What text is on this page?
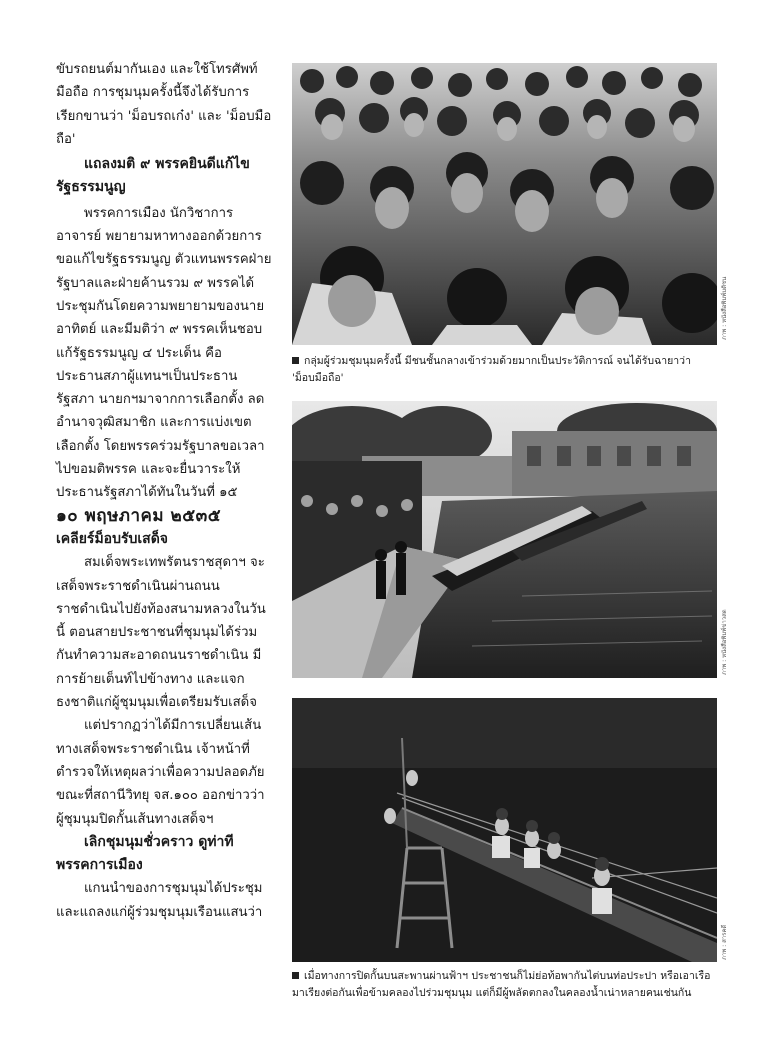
ขับรถยนต์มากันเอง และใช้โทรศัพท์มือถือ การชุมนุมครั้งนี้จึงได้รับการเรียกขานว่า 'ม็อบรถเก๋ง' และ 'ม็อบมือถือ'

แถลงมติ ๙ พรรคยินดีแก้ไขรัฐธรรมนูญ

พรรคการเมือง นักวิชาการ อาจารย์ พยายามหาทางออกด้วยการขอแก้ไขรัฐธรรมนูญ ตัวแทนพรรคฝ่ายรัฐบาลและฝ่ายค้านรวม ๙ พรรคได้ประชุมกันโดยความพยายามของนายอาทิตย์ และมีมติว่า ๙ พรรคเห็นชอบแก้รัฐธรรมนูญ ๔ ประเด็น คือ ประธานสภาผู้แทนฯเป็นประธานรัฐสภา นายกฯมาจากการเลือกตั้ง ลดอำนาจวุฒิสมาชิก และการแบ่งเขตเลือกตั้ง โดยพรรคร่วมรัฐบาลขอเวลาไปขอมติพรรค และจะยื่นวาระให้ประธานรัฐสภาได้ทันในวันที่ ๑๕

๑๐ พฤษภาคม ๒๕๓๕

เคลียร์ม็อบรับเสด็จ

สมเด็จพระเทพรัตนราชสุดาฯ จะเสด็จพระราชดำเนินผ่านถนนราชดำเนินไปยังท้องสนามหลวงในวันนี้ ตอนสายประชาชนที่ชุมนุมได้ร่วมกันทำความสะอาดถนนราชดำเนิน มีการย้ายเต็นท์ไปข้างทาง และแจกธงชาติแก่ผู้ชุมนุมเพื่อเตรียมรับเสด็จ

แต่ปรากฏว่าได้มีการเปลี่ยนเส้นทางเสด็จพระราชดำเนิน เจ้าหน้าที่ตำรวจให้เหตุผลว่าเพื่อความปลอดภัย ขณะที่สถานีวิทยุ จส.๑๐๐ ออกข่าวว่าผู้ชุมนุมปิดกั้นเส้นทางเสด็จฯ

เลิกชุมนุมชั่วคราว ดูท่าทีพรรคการเมือง

แกนนำของการชุมนุมได้ประชุมและแถลงแก่ผู้ร่วมชุมนุมเรือนแสนว่า

ภาพ : หนังสือพิมพ์มติชน
กลุ่มผู้ร่วมชุมนุมครั้งนี้ มีชนชั้นกลางเข้าร่วมด้วยมากเป็นประวัติการณ์ จนได้รับฉายาว่า 'ม็อบมือถือ'
ภาพ : หนังสือพิมพ์ข่าวสด
ภาพ : สารคดี
เมื่อทางการปิดกั้นบนสะพานผ่านฟ้าฯ ประชาชนก็ไม่ย่อท้อพากันไต่บนท่อประปา หรือเอาเรือมาเรียงต่อกันเพื่อข้ามคลองไปร่วมชุมนุม แต่ก็มีผู้พลัดตกลงในคลองน้ำเน่าหลายคนเช่นกัน
